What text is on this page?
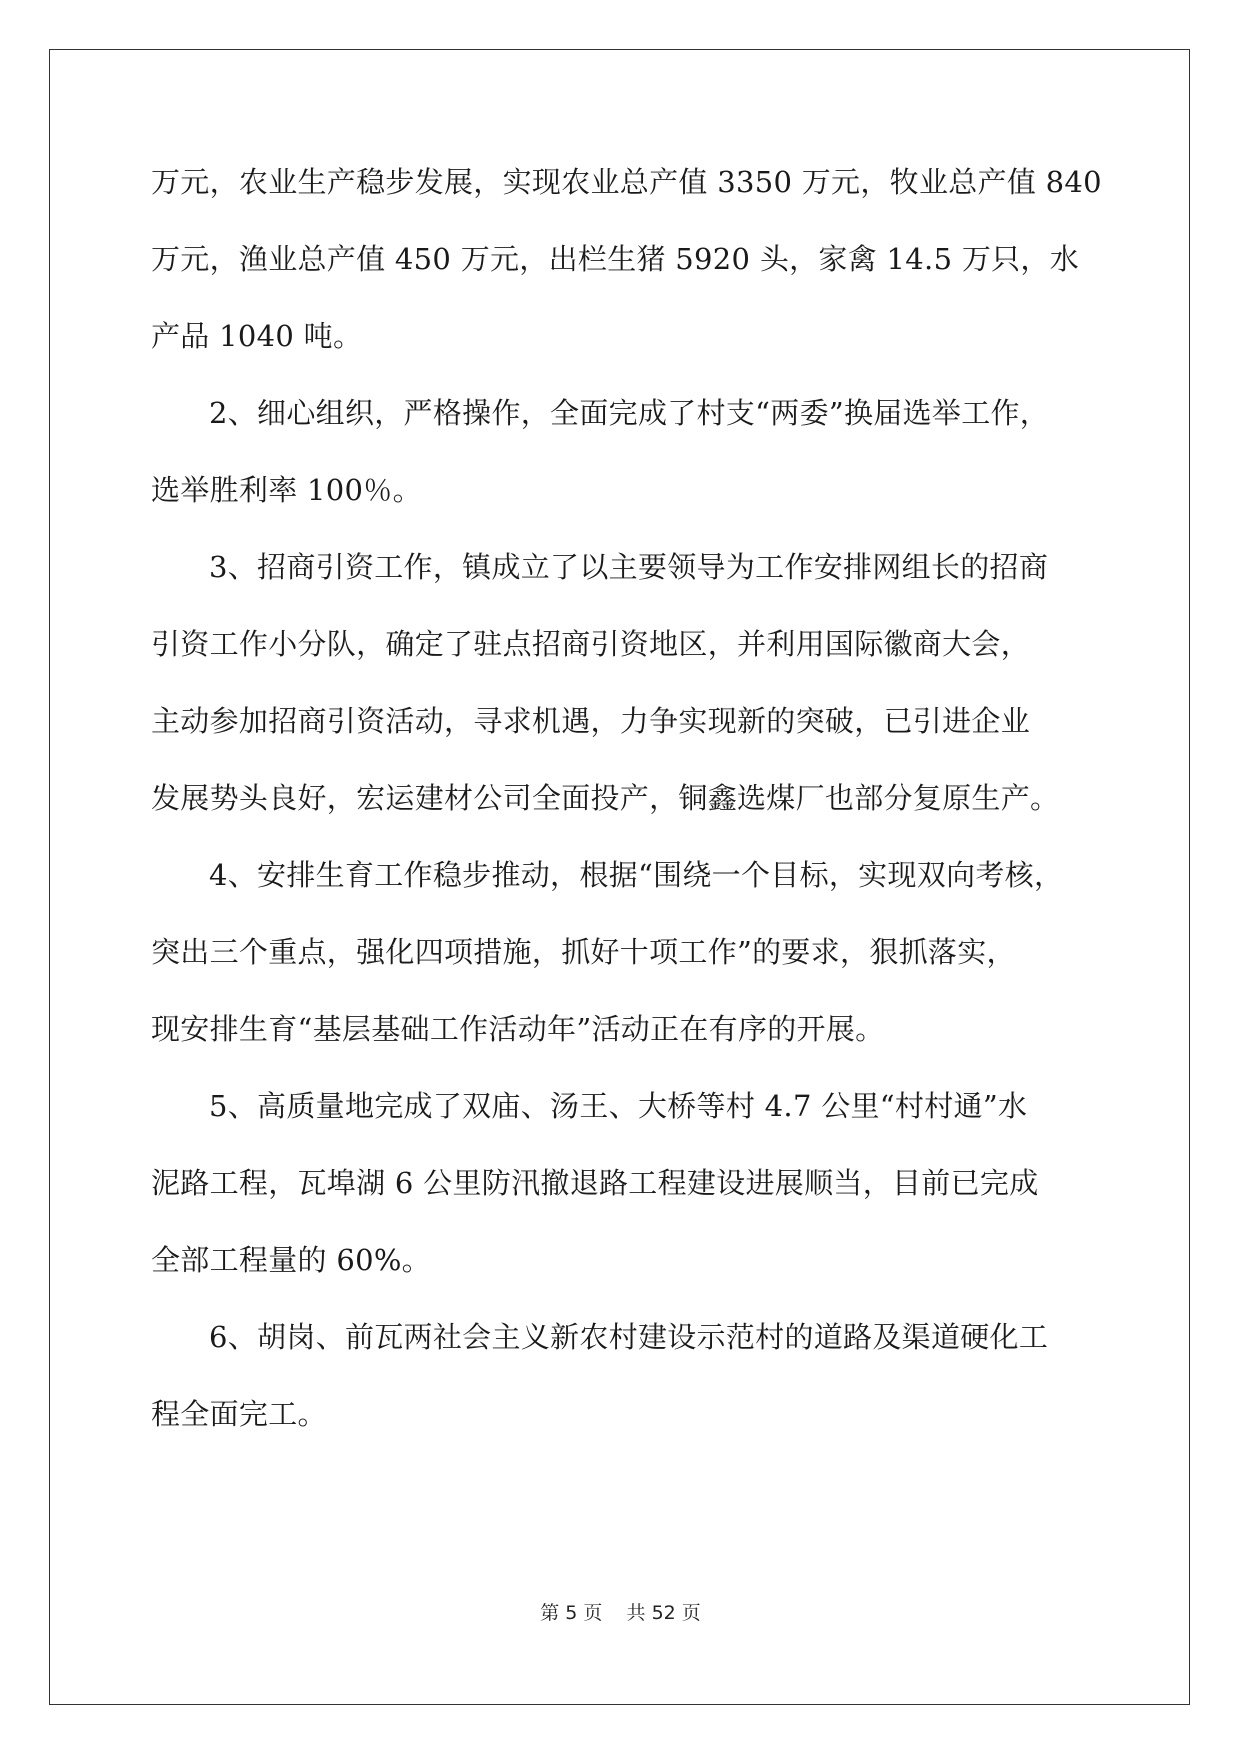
万元，农业生产稳步发展，实现农业总产值 3350 万元，牧业总产值 840
万元，渔业总产值 450 万元，出栏生猪 5920 头，家禽 14.5 万只，水
产品 1040 吨。
2、细心组织，严格操作，全面完成了村支“两委”换届选举工作，
选举胜利率 100％。
3、招商引资工作，镇成立了以主要领导为工作安排网组长的招商
引资工作小分队，确定了驻点招商引资地区，并利用国际徽商大会，
主动参加招商引资活动，寻求机遇，力争实现新的突破，已引进企业
发展势头良好，宏运建材公司全面投产，铜鑫选煤厂也部分复原生产。
4、安排生育工作稳步推动，根据“围绕一个目标，实现双向考核，
突出三个重点，强化四项措施，抓好十项工作”的要求，狠抓落实，
现安排生育“基层基础工作活动年”活动正在有序的开展。
5、高质量地完成了双庙、汤王、大桥等村 4.7 公里“村村通”水
泥路工程，瓦埠湖 6 公里防汛撤退路工程建设进展顺当，目前已完成
全部工程量的 60%。
6、胡岗、前瓦两社会主义新农村建设示范村的道路及渠道硬化工
程全面完工。
第 5 页 共 52 页
